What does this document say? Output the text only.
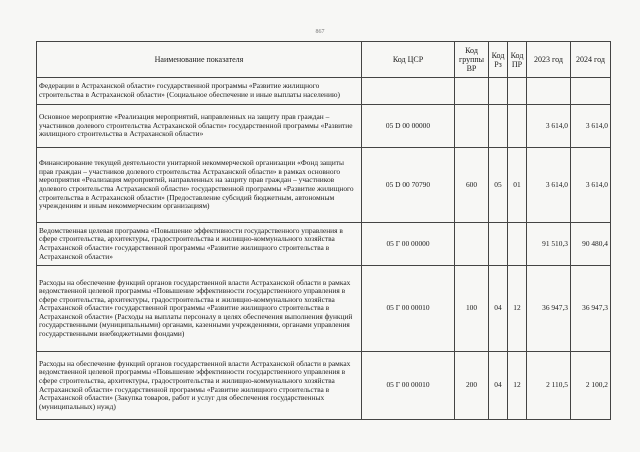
867
Наименование показателя	Код ЦСР	Код группы ВР	Код Рз	Код ПР	2023 год	2024 год
Федерации в Астраханской области» государственной программы «Развитие жилищного строительства в Астраханской области» (Социальное обеспечение и иные выплаты населению)						
Основное мероприятие «Реализация мероприятий, направленных на защиту прав граждан – участников долевого строительства Астраханской области» государственной программы «Развитие жилищного строительства в Астраханской области»	05 D 00 00000				3 614,0	3 614,0
Финансирование текущей деятельности унитарной некоммерческой организации «Фонд защиты прав граждан – участников долевого строительства Астраханской области» в рамках основного мероприятия «Реализация мероприятий, направленных на защиту прав граждан – участников долевого строительства Астраханской области» государственной программы «Развитие жилищного строительства в Астраханской области» (Предоставление субсидий бюджетным, автономным учреждениям и иным некоммерческим организациям)	05 D 00 70790	600	05	01	3 614,0	3 614,0
Ведомственная целевая программа «Повышение эффективности государственного управления в сфере строительства, архитектуры, градостроительства и жилищно-коммунального хозяйства Астраханской области» государственной программы «Развитие жилищного строительства в Астраханской области»	05 Г 00 00000				91 510,3	90 480,4
Расходы на обеспечение функций органов государственной власти Астраханской области в рамках ведомственной целевой программы «Повышение эффективности государственного управления в сфере строительства, архитектуры, градостроительства и жилищно-коммунального хозяйства Астраханской области» государственной программы «Развитие жилищного строительства в Астраханской области» (Расходы на выплаты персоналу в целях обеспечения выполнения функций государственными (муниципальными) органами, казенными учреждениями, органами управления государственными внебюджетными фондами)	05 Г 00 00010	100	04	12	36 947,3	36 947,3
Расходы на обеспечение функций органов государственной власти Астраханской области в рамках ведомственной целевой программы «Повышение эффективности государственного управления в сфере строительства, архитектуры, градостроительства и жилищно-коммунального хозяйства Астраханской области» государственной программы «Развитие жилищного строительства в Астраханской области» (Закупка товаров, работ и услуг для обеспечения государственных (муниципальных) нужд)	05 Г 00 00010	200	04	12	2 110,5	2 100,2
